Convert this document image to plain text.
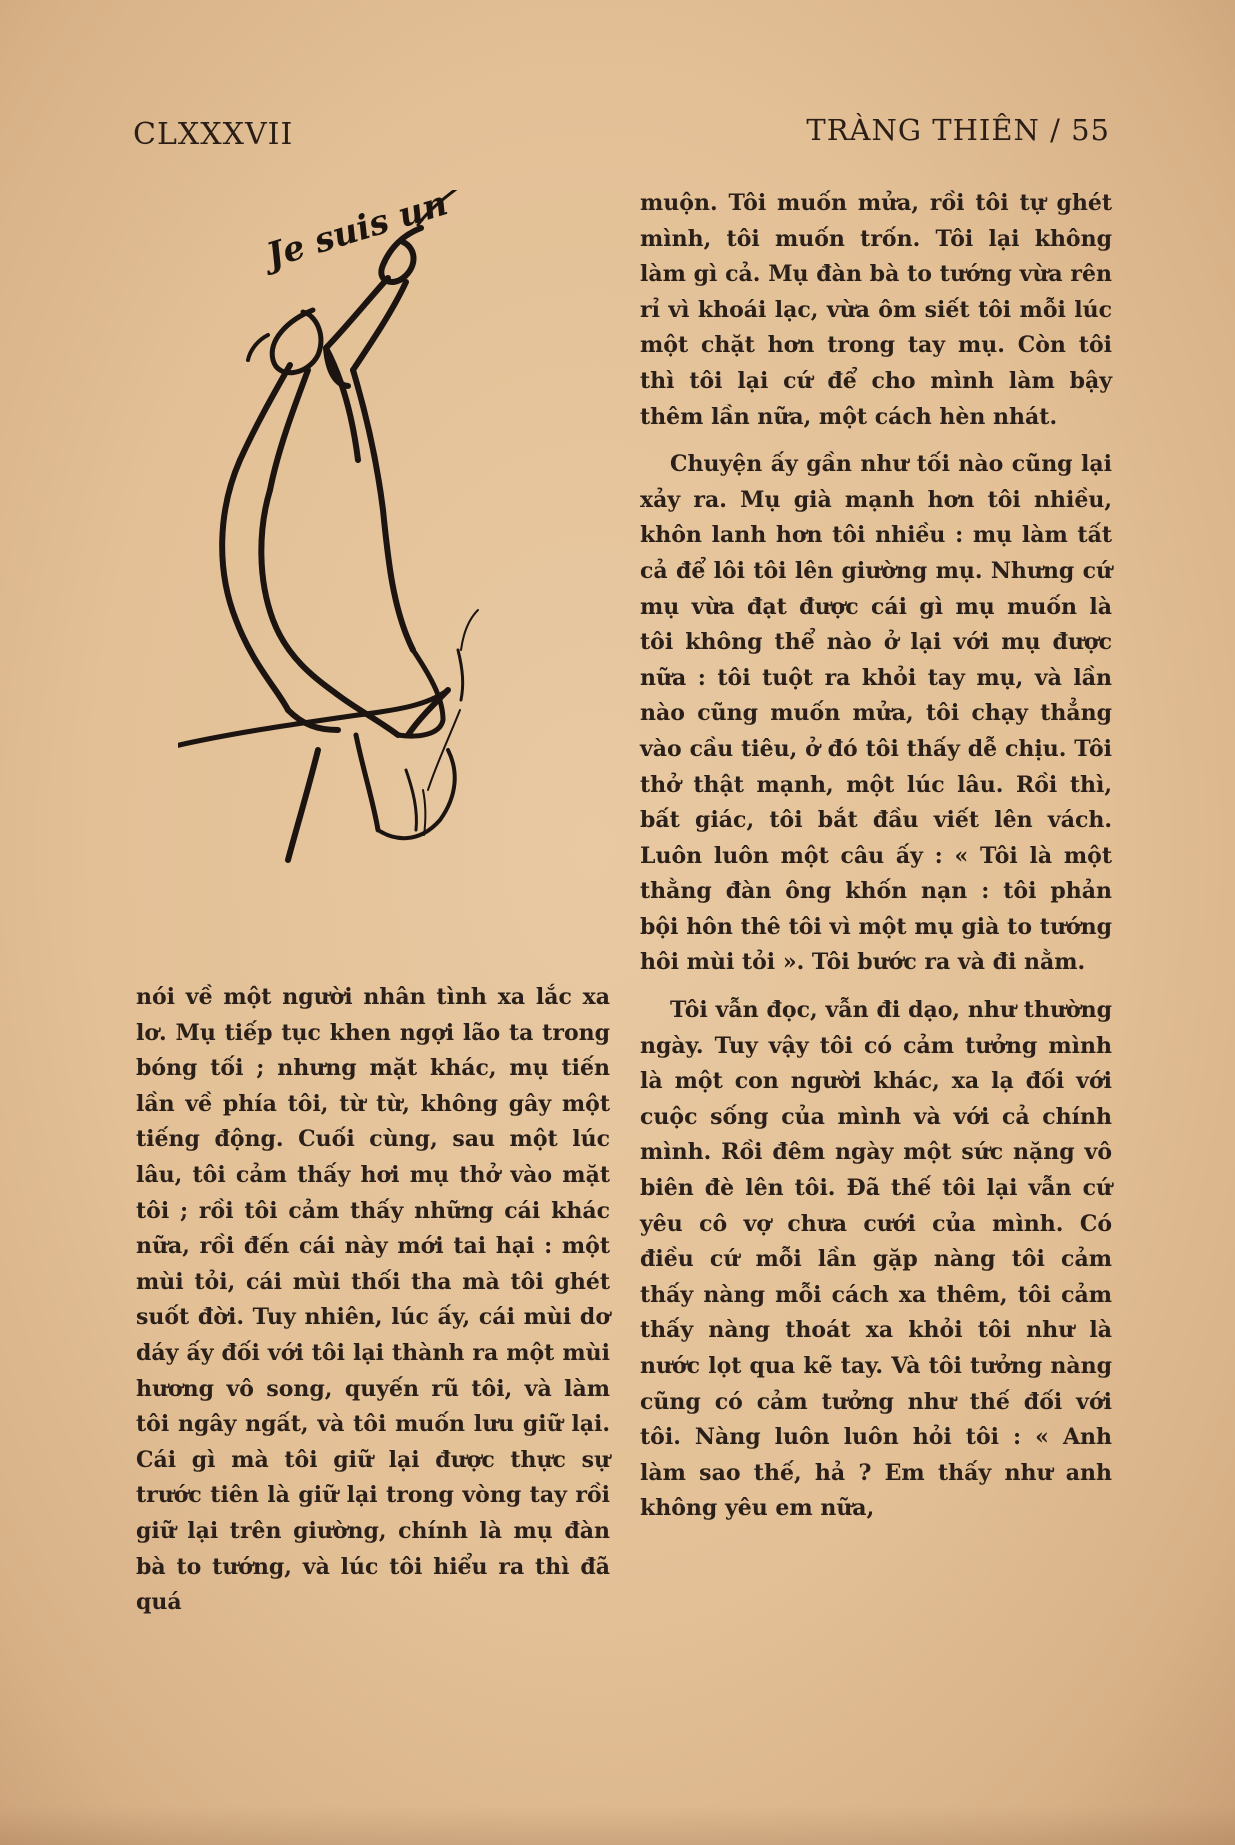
CLXXXVII	TRÀNG THIÊN / 55
Je suis un

nói về một người nhân tình xa lắc xa lơ. Mụ tiếp tục khen ngợi lão ta trong bóng tối ; nhưng mặt khác, mụ tiến lần về phía tôi, từ từ, không gây một tiếng động. Cuối cùng, sau một lúc lâu, tôi cảm thấy hơi mụ thở vào mặt tôi ; rồi tôi cảm thấy những cái khác nữa, rồi đến cái này mới tai hại : một mùi tỏi, cái mùi thối tha mà tôi ghét suốt đời. Tuy nhiên, lúc ấy, cái mùi dơ dáy ấy đối với tôi lại thành ra một mùi hương vô song, quyến rũ tôi, và làm tôi ngây ngất, và tôi muốn lưu giữ lại. Cái gì mà tôi giữ lại được thực sự trước tiên là giữ lại trong vòng tay rồi giữ lại trên giường, chính là mụ đàn bà to tướng, và lúc tôi hiểu ra thì đã quá

muộn. Tôi muốn mửa, rồi tôi tự ghét mình, tôi muốn trốn. Tôi lại không làm gì cả. Mụ đàn bà to tướng vừa rên rỉ vì khoái lạc, vừa ôm siết tôi mỗi lúc một chặt hơn trong tay mụ. Còn tôi thì tôi lại cứ để cho mình làm bậy thêm lần nữa, một cách hèn nhát.

Chuyện ấy gần như tối nào cũng lại xảy ra. Mụ già mạnh hơn tôi nhiều, khôn lanh hơn tôi nhiều : mụ làm tất cả để lôi tôi lên giường mụ. Nhưng cứ mụ vừa đạt được cái gì mụ muốn là tôi không thể nào ở lại với mụ được nữa : tôi tuột ra khỏi tay mụ, và lần nào cũng muốn mửa, tôi chạy thẳng vào cầu tiêu, ở đó tôi thấy dễ chịu. Tôi thở thật mạnh, một lúc lâu. Rồi thì, bất giác, tôi bắt đầu viết lên vách. Luôn luôn một câu ấy : « Tôi là một thằng đàn ông khốn nạn : tôi phản bội hôn thê tôi vì một mụ già to tướng hôi mùi tỏi ». Tôi bước ra và đi nằm.

Tôi vẫn đọc, vẫn đi dạo, như thường ngày. Tuy vậy tôi có cảm tưởng mình là một con người khác, xa lạ đối với cuộc sống của mình và với cả chính mình. Rồi đêm ngày một sức nặng vô biên đè lên tôi. Đã thế tôi lại vẫn cứ yêu cô vợ chưa cưới của mình. Có điều cứ mỗi lần gặp nàng tôi cảm thấy nàng mỗi cách xa thêm, tôi cảm thấy nàng thoát xa khỏi tôi như là nước lọt qua kẽ tay. Và tôi tưởng nàng cũng có cảm tưởng như thế đối với tôi. Nàng luôn luôn hỏi tôi : « Anh làm sao thế, hả ? Em thấy như anh không yêu em nữa,
